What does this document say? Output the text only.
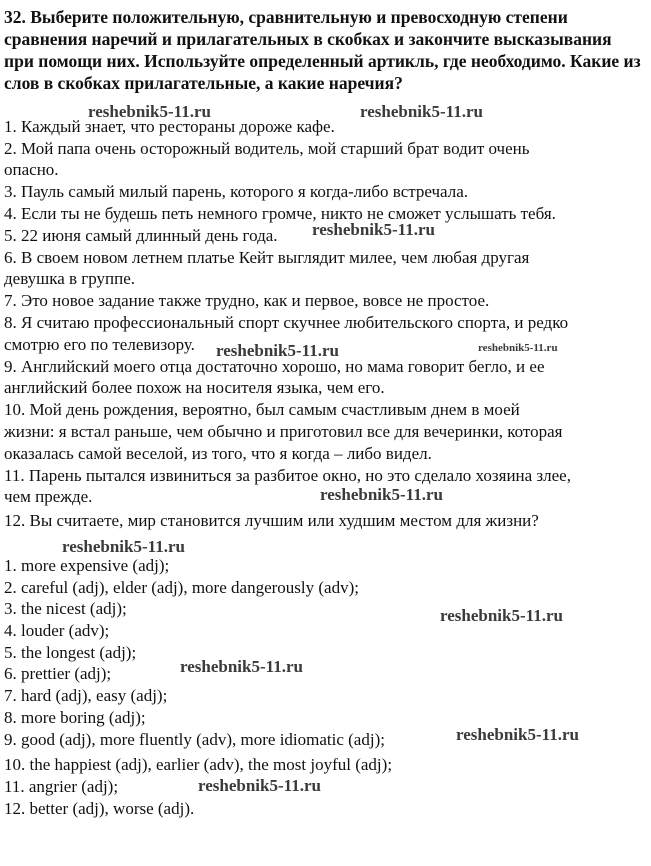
32. Выберите положительную, сравнительную и превосходную степени сравнения наречий и прилагательных в скобках и закончите высказывания при помощи них. Используйте определенный артикль, где необходимо. Какие из слов в скобках прилагательные, а какие наречия?

1. Каждый знает, что рестораны дороже кафе.
2. Мой папа очень осторожный водитель, мой старший брат водит очень
опасно.
3. Пауль самый милый парень, которого я когда-либо встречала.
4. Если ты не будешь петь немного громче, никто не сможет услышать тебя.
5. 22 июня самый длинный день года.
6. В своем новом летнем платье Кейт выглядит милее, чем любая другая
девушка в группе.
7. Это новое задание также трудно, как и первое, вовсе не простое.
8. Я считаю профессиональный спорт скучнее любительского спорта, и редко
смотрю его по телевизору.
9. Английский моего отца достаточно хорошо, но мама говорит бегло, и ее
английский более похож на носителя языка, чем его.
10. Мой день рождения, вероятно, был самым счастливым днем в моей
жизни: я встал раньше, чем обычно и приготовил все для вечеринки, которая
оказалась самой веселой, из того, что я когда – либо видел.
11. Парень пытался извиниться за разбитое окно, но это сделало хозяина злее,
чем прежде.
12. Вы считаете, мир становится лучшим или худшим местом для жизни?
1. more expensive (adj);
2. careful (adj), elder (adj), more dangerously (adv);
3. the nicest (adj);
4. louder (adv);
5. the longest (adj);
6. prettier (adj);
7. hard (adj), easy (adj);
8. more boring (adj);
9. good (adj), more fluently (adv), more idiomatic (adj);
10. the happiest (adj), earlier (adv), the most joyful (adj);
11. angrier (adj);
12. better (adj), worse (adj).
reshebnik5-11.ru	reshebnik5-11.ru
reshebnik5-11.ru
reshebnik5-11.ru	reshebnik5-11.ru
reshebnik5-11.ru
reshebnik5-11.ru
reshebnik5-11.ru
reshebnik5-11.ru
reshebnik5-11.ru
reshebnik5-11.ru
